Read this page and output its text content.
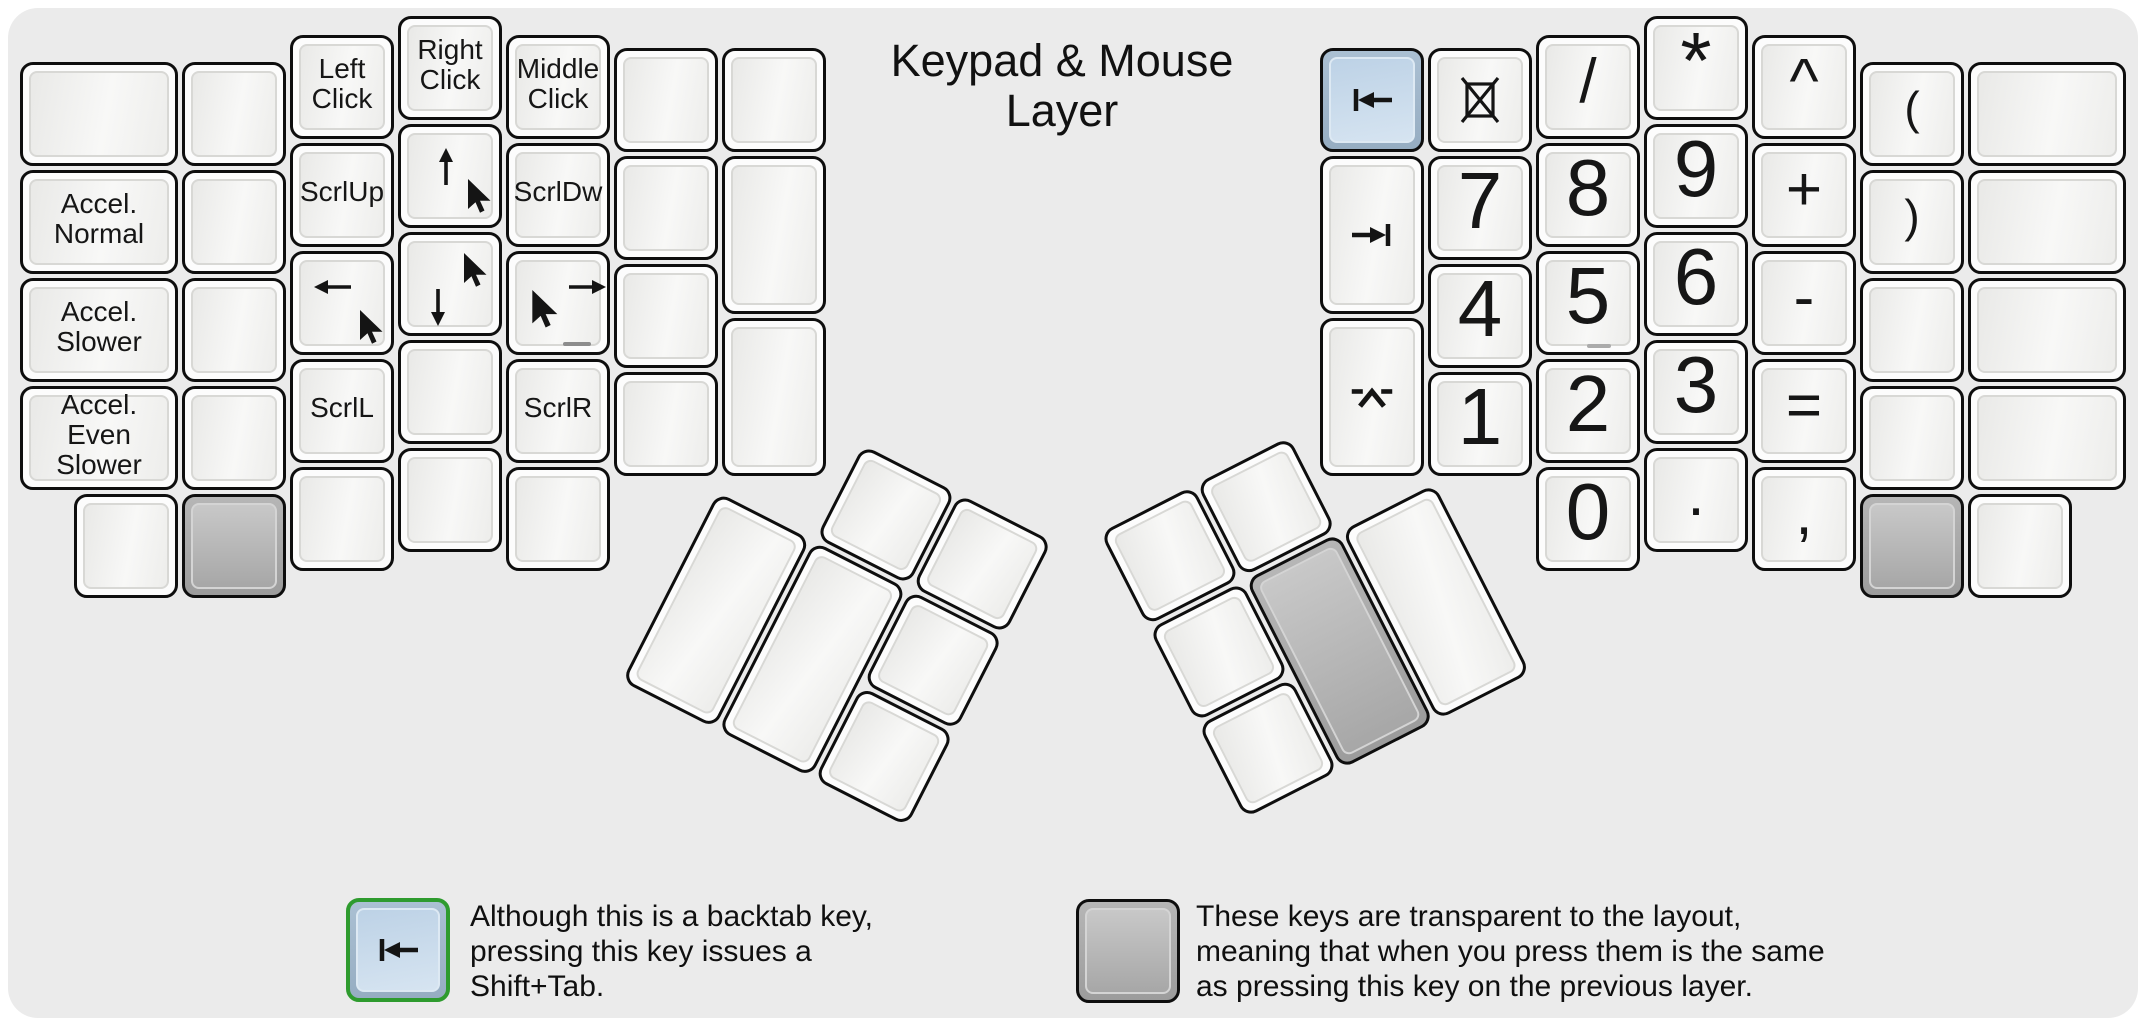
Keypad & Mouse
Layer
Accel.
Normal
Accel.
Slower
Accel.
Even
Slower
Left
Click
ScrlUp
ScrlL
Right
Click Middle
Click
ScrlDw
ScrlR
7
4
1
/
8
5
2
0
*
9
6
3
.
^
+
-
=
,
(
)
Although this is a backtab key,
pressing this key issues a
Shift+Tab.
These keys are transparent to the layout,
meaning that when you press them is the same
as pressing this key on the previous layer.
